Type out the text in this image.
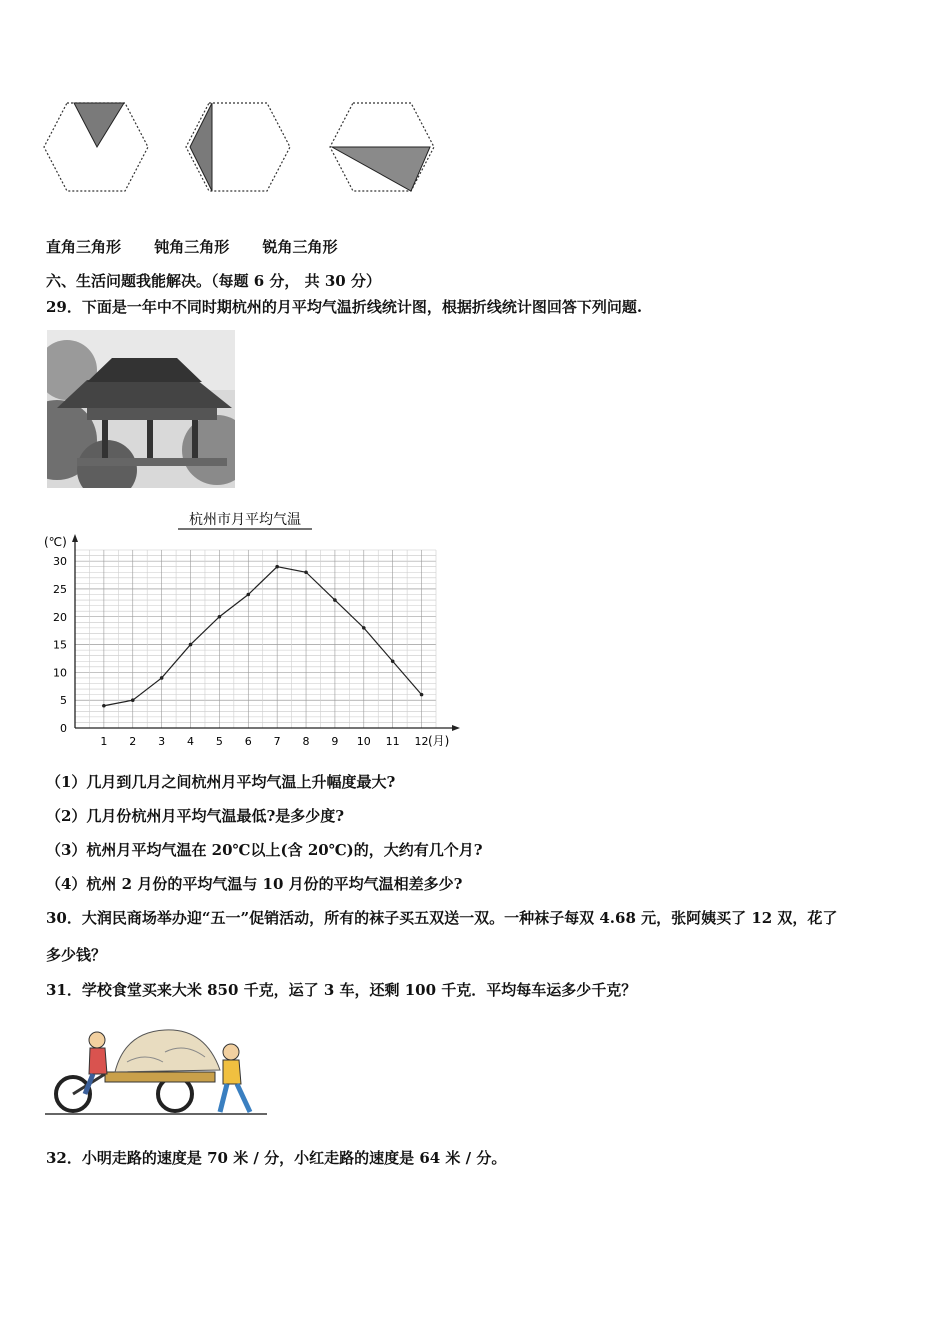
直角三角形 钝角三角形 锐角三角形
六、生活问题我能解决。（每题 6 分， 共 30 分）
29．下面是一年中不同时期杭州的月平均气温折线统计图，根据折线统计图回答下列问题.
杭州市月平均气温
(℃)
(月)
0
5
10
15
20
25
30
1 2 3 4 5 6 7 8 9 10 11 12
（1）几月到几月之间杭州月平均气温上升幅度最大?
（2）几月份杭州月平均气温最低?是多少度?
（3）杭州月平均气温在 20℃以上(含 20℃)的，大约有几个月?
（4）杭州 2 月份的平均气温与 10 月份的平均气温相差多少?
30．大润民商场举办迎“五一”促销活动，所有的袜子买五双送一双。一种袜子每双 4.68 元，张阿姨买了 12 双，花了
多少钱？
31．学校食堂买来大米 850 千克，运了 3 车，还剩 100 千克．平均每车运多少千克？
32．小明走路的速度是 70 米 / 分，小红走路的速度是 64 米 / 分。
